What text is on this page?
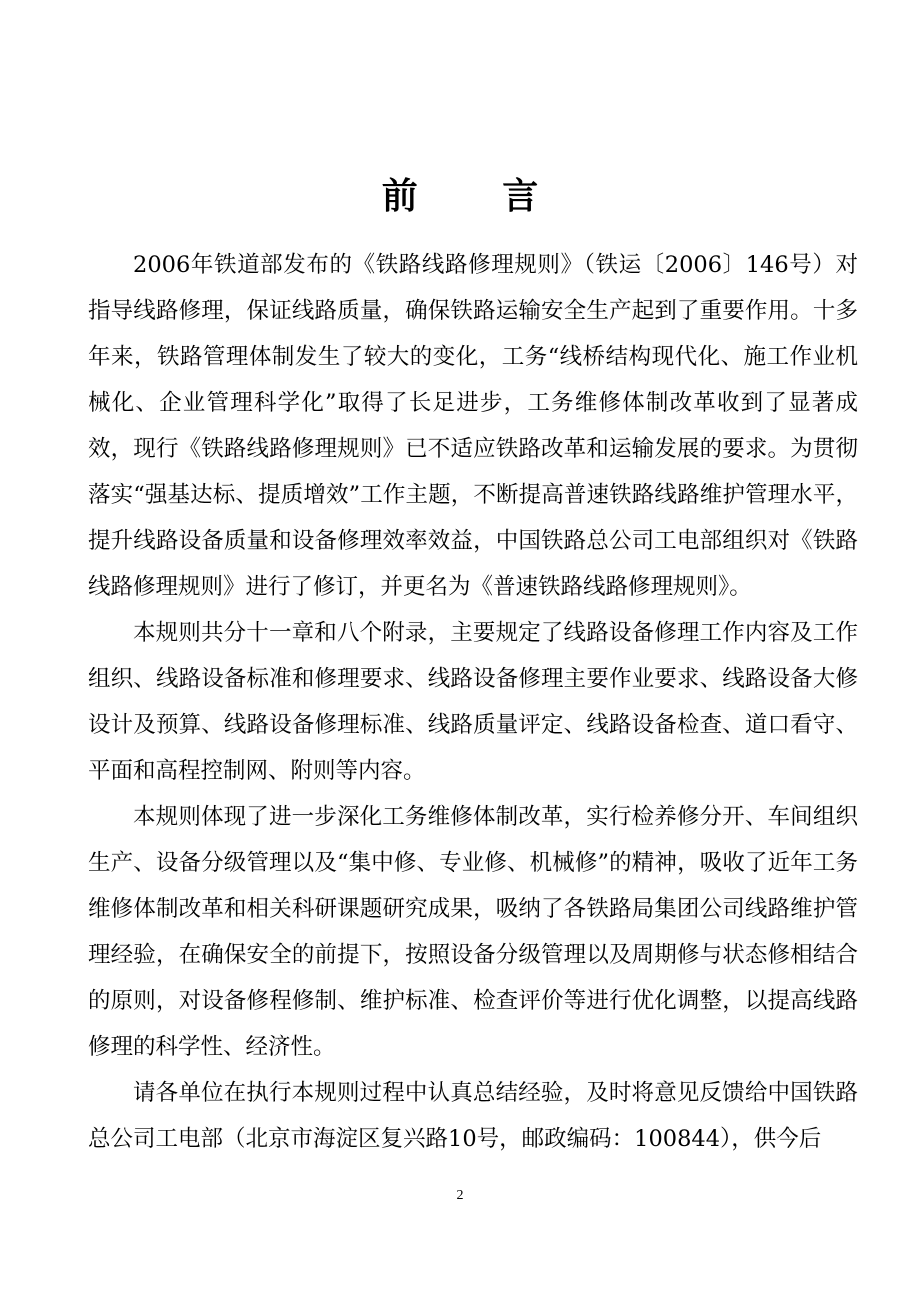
前 言

2006年铁道部发布的《铁路线路修理规则》（铁运〔2006〕146号）对指导线路修理，保证线路质量，确保铁路运输安全生产起到了重要作用。十多年来，铁路管理体制发生了较大的变化，工务“线桥结构现代化、施工作业机械化、企业管理科学化”取得了长足进步，工务维修体制改革收到了显著成效，现行《铁路线路修理规则》已不适应铁路改革和运输发展的要求。为贯彻落实“强基达标、提质增效”工作主题，不断提高普速铁路线路维护管理水平，提升线路设备质量和设备修理效率效益，中国铁路总公司工电部组织对《铁路线路修理规则》进行了修订，并更名为《普速铁路线路修理规则》。

本规则共分十一章和八个附录，主要规定了线路设备修理工作内容及工作组织、线路设备标准和修理要求、线路设备修理主要作业要求、线路设备大修设计及预算、线路设备修理标准、线路质量评定、线路设备检查、道口看守、平面和高程控制网、附则等内容。

本规则体现了进一步深化工务维修体制改革，实行检养修分开、车间组织生产、设备分级管理以及“集中修、专业修、机械修”的精神，吸收了近年工务维修体制改革和相关科研课题研究成果，吸纳了各铁路局集团公司线路维护管理经验，在确保安全的前提下，按照设备分级管理以及周期修与状态修相结合的原则，对设备修程修制、维护标准、检查评价等进行优化调整，以提高线路修理的科学性、经济性。

请各单位在执行本规则过程中认真总结经验，及时将意见反馈给中国铁路总公司工电部（北京市海淀区复兴路10号，邮政编码：100844），供今后

2
